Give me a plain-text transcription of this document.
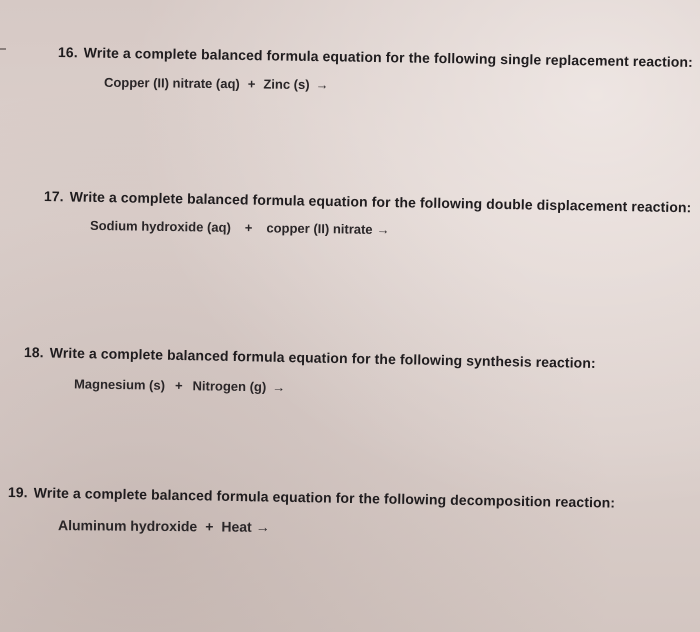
16. Write a complete balanced formula equation for the following single replacement reaction:
Copper (II) nitrate (aq) + Zinc (s) →
17. Write a complete balanced formula equation for the following double displacement reaction:
Sodium hydroxide (aq) + copper (II) nitrate →
18. Write a complete balanced formula equation for the following synthesis reaction:
Magnesium (s) + Nitrogen (g) →
19. Write a complete balanced formula equation for the following decomposition reaction:
Aluminum hydroxide + Heat →
